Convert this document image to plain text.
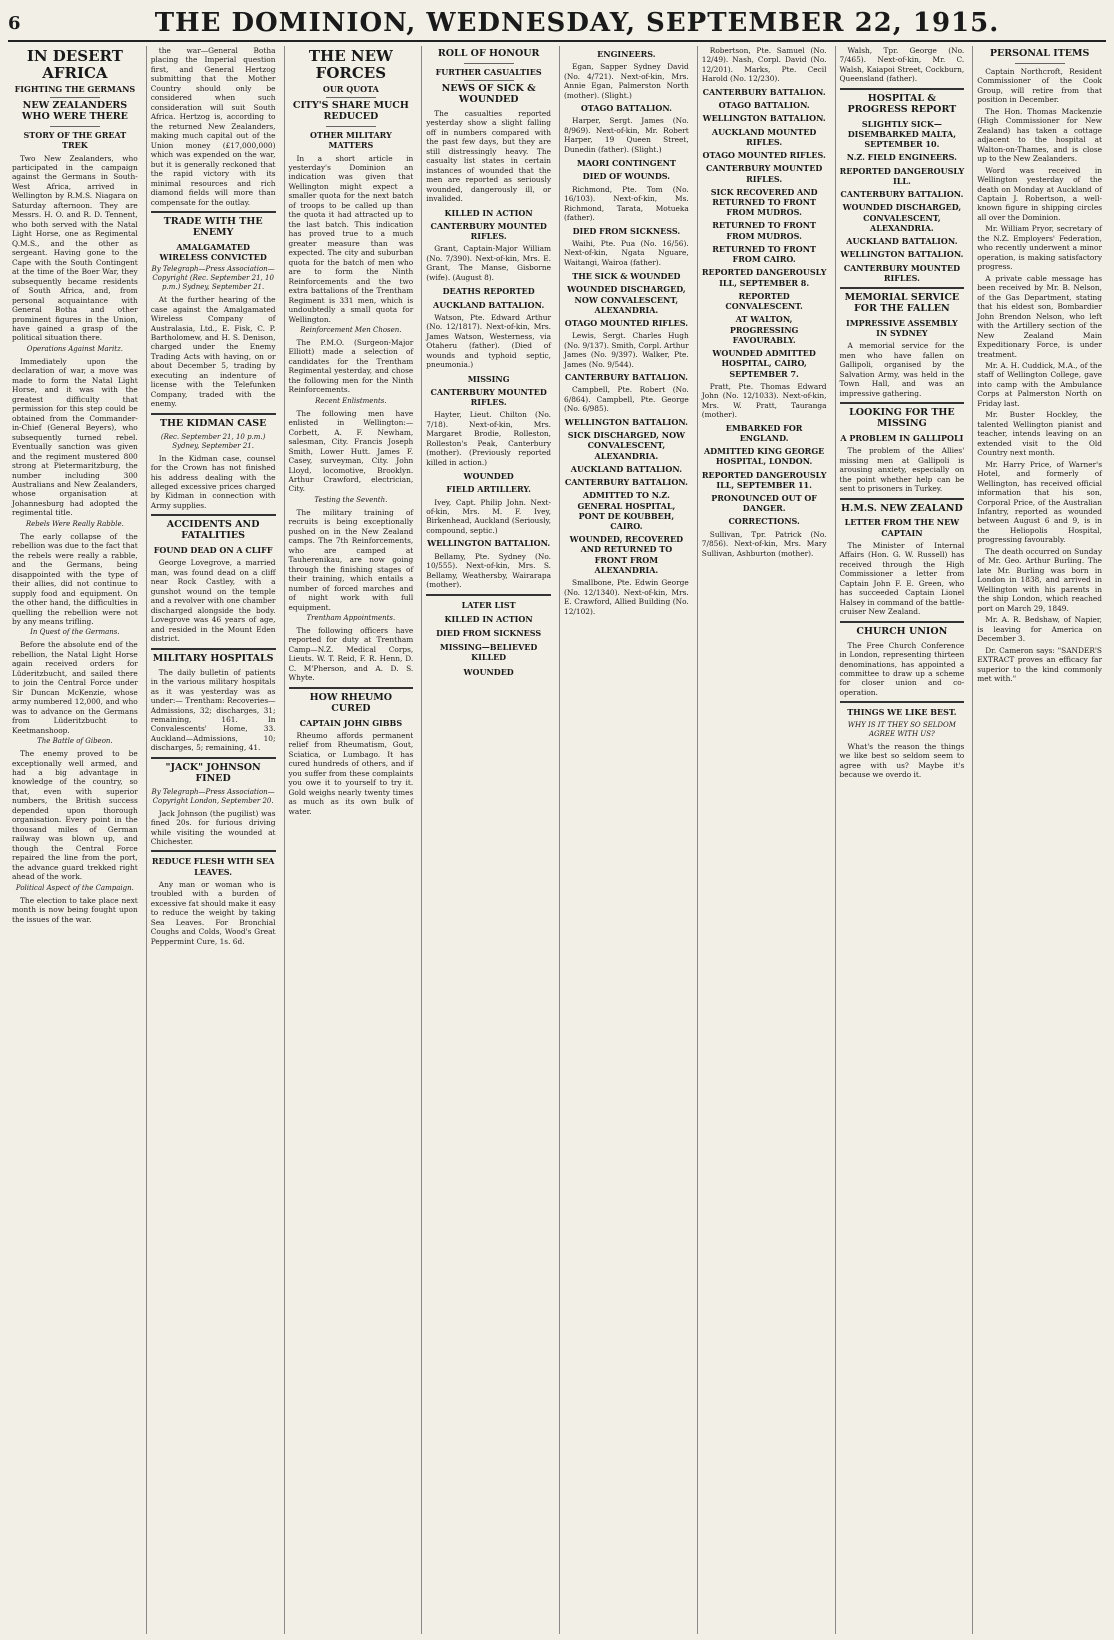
6	THE DOMINION, WEDNESDAY, SEPTEMBER 22, 1915.
IN DESERT AFRICA
FIGHTING THE GERMANS
NEW ZEALANDERS WHO WERE THERE
STORY OF THE GREAT TREK

Two New Zealanders, who participated in the campaign against the Germans in South-West Africa, arrived in Wellington by R.M.S. Niagara on Saturday afternoon. They are Messrs. H. O. and R. D. Tennent, who both served with the Natal Light Horse, one as Regimental Q.M.S., and the other as sergeant. Having gone to the Cape with the South Contingent at the time of the Boer War, they subsequently became residents of South Africa, and, from personal acquaintance with General Botha and other prominent figures in the Union, have gained a grasp of the political situation there.

Operations Against Maritz.

Immediately upon the declaration of war, a move was made to form the Natal Light Horse, and it was with the greatest difficulty that permission for this step could be obtained from the Commander-in-Chief (General Beyers), who subsequently turned rebel. Eventually sanction was given and the regiment mustered 800 strong at Pietermaritzburg, the number including 300 Australians and New Zealanders, whose organisation at Johannesburg had adopted the regimental title.

Rebels Were Really Rabble.

The early collapse of the rebellion was due to the fact that the rebels were really a rabble, and the Germans, being disappointed with the type of their allies, did not continue to supply food and equipment. On the other hand, the difficulties in quelling the rebellion were not by any means trifling.

In Quest of the Germans.

Before the absolute end of the rebellion, the Natal Light Horse again received orders for Lüderitzbucht, and sailed there to join the Central Force under Sir Duncan McKenzie, whose army numbered 12,000, and who was to advance on the Germans from Lüderitzbucht to Keetmanshoop.

The Battle of Gibeon.

The enemy proved to be exceptionally well armed, and had a big advantage in knowledge of the country, so that, even with superior numbers, the British success depended upon thorough organisation. Every point in the thousand miles of German railway was blown up, and though the Central Force repaired the line from the port, the advance guard trekked right ahead of the work.

Political Aspect of the Campaign.

The election to take place next month is now being fought upon the issues of the war.

the war—General Botha placing the Imperial question first, and General Hertzog submitting that the Mother Country should only be considered when such consideration will suit South Africa. Hertzog is, according to the returned New Zealanders, making much capital out of the Union money (£17,000,000) which was expended on the war, but it is generally reckoned that the rapid victory with its minimal resources and rich diamond fields will more than compensate for the outlay.

TRADE WITH THE ENEMY
AMALGAMATED WIRELESS CONVICTED
By Telegraph—Press Association—Copyright (Rec. September 21, 10 p.m.) Sydney, September 21.

At the further hearing of the case against the Amalgamated Wireless Company of Australasia, Ltd., E. Fisk, C. P. Bartholomew, and H. S. Denison, charged under the Enemy Trading Acts with having, on or about December 5, trading by executing an indenture of license with the Telefunken Company, traded with the enemy.

THE KIDMAN CASE
(Rec. September 21, 10 p.m.) Sydney, September 21.

In the Kidman case, counsel for the Crown has not finished his address dealing with the alleged excessive prices charged by Kidman in connection with Army supplies.

ACCIDENTS AND FATALITIES
FOUND DEAD ON A CLIFF

George Lovegrove, a married man, was found dead on a cliff near Rock Castley, with a gunshot wound on the temple and a revolver with one chamber discharged alongside the body. Lovegrove was 46 years of age, and resided in the Mount Eden district.

MILITARY HOSPITALS

The daily bulletin of patients in the various military hospitals as it was yesterday was as under:— Trentham: Recoveries—Admissions, 32; discharges, 31; remaining, 161. In Convalescents' Home, 33. Auckland—Admissions, 10; discharges, 5; remaining, 41.

"JACK" JOHNSON FINED
By Telegraph—Press Association—Copyright London, September 20.

Jack Johnson (the pugilist) was fined 20s. for furious driving while visiting the wounded at Chichester.

REDUCE FLESH WITH SEA LEAVES.

Any man or woman who is troubled with a burden of excessive fat should make it easy to reduce the weight by taking Sea Leaves. For Bronchial Coughs and Colds, Wood's Great Peppermint Cure, 1s. 6d.

THE NEW FORCES
OUR QUOTA
CITY'S SHARE MUCH REDUCED
OTHER MILITARY MATTERS

In a short article in yesterday's Dominion an indication was given that Wellington might expect a smaller quota for the next batch of troops to be called up than the quota it had attracted up to the last batch. This indication has proved true to a much greater measure than was expected. The city and suburban quota for the batch of men who are to form the Ninth Reinforcements and the two extra battalions of the Trentham Regiment is 331 men, which is undoubtedly a small quota for Wellington.

Reinforcement Men Chosen.

The P.M.O. (Surgeon-Major Elliott) made a selection of candidates for the Trentham Regimental yesterday, and chose the following men for the Ninth Reinforcements.

Recent Enlistments.

The following men have enlisted in Wellington:— Corbett, A. F. Newham, salesman, City. Francis Joseph Smith, Lower Hutt. James F. Casey, surveyman, City. John Lloyd, locomotive, Brooklyn. Arthur Crawford, electrician, City.

Testing the Seventh.

The military training of recruits is being exceptionally pushed on in the New Zealand camps. The 7th Reinforcements, who are camped at Tauherenikau, are now going through the finishing stages of their training, which entails a number of forced marches and of night work with full equipment.

Trentham Appointments.

The following officers have reported for duty at Trentham Camp—N.Z. Medical Corps, Lieuts. W. T. Reid, F. R. Henn, D. C. M'Pherson, and A. D. S. Whyte.

HOW RHEUMO CURED
CAPTAIN JOHN GIBBS

Rheumo affords permanent relief from Rheumatism, Gout, Sciatica, or Lumbago. It has cured hundreds of others, and if you suffer from these complaints you owe it to yourself to try it. Gold weighs nearly twenty times as much as its own bulk of water.

ROLL OF HONOUR
FURTHER CASUALTIES
NEWS OF SICK & WOUNDED

The casualties reported yesterday show a slight falling off in numbers compared with the past few days, but they are still distressingly heavy. The casualty list states in certain instances of wounded that the men are reported as seriously wounded, dangerously ill, or invalided.

KILLED IN ACTION
CANTERBURY MOUNTED RIFLES.

Grant, Captain-Major William (No. 7/390). Next-of-kin, Mrs. E. Grant, The Manse, Gisborne (wife). (August 8).

DEATHS REPORTED
AUCKLAND BATTALION.

Watson, Pte. Edward Arthur (No. 12/1817). Next-of-kin, Mrs. James Watson, Westerness, via Otaheru (father). (Died of wounds and typhoid septic, pneumonia.)

MISSING
CANTERBURY MOUNTED RIFLES.

Hayter, Lieut. Chilton (No. 7/18). Next-of-kin, Mrs. Margaret Brodie, Rolleston, Rolleston's Peak, Canterbury (mother). (Previously reported killed in action.)

WOUNDED
FIELD ARTILLERY.

Ivey, Capt. Philip John. Next-of-kin, Mrs. M. F. Ivey, Birkenhead, Auckland (Seriously, compound, septic.)

WELLINGTON BATTALION.

Bellamy, Pte. Sydney (No. 10/555). Next-of-kin, Mrs. S. Bellamy, Weathersby, Wairarapa (mother).

LATER LIST
KILLED IN ACTION
DIED FROM SICKNESS
MISSING—BELIEVED KILLED
WOUNDED
ENGINEERS.

Egan, Sapper Sydney David (No. 4/721). Next-of-kin, Mrs. Annie Egan, Palmerston North (mother). (Slight.)

OTAGO BATTALION.

Harper, Sergt. James (No. 8/969). Next-of-kin, Mr. Robert Harper, 19 Queen Street, Dunedin (father). (Slight.)

MAORI CONTINGENT
DIED OF WOUNDS.

Richmond, Pte. Tom (No. 16/103). Next-of-kin, Ms. Richmond, Tarata, Motueka (father).

DIED FROM SICKNESS.

Waihi, Pte. Pua (No. 16/56). Next-of-kin, Ngata Nguare, Waitangi, Wairoa (father).

THE SICK & WOUNDED
WOUNDED DISCHARGED, NOW CONVALESCENT, ALEXANDRIA.
OTAGO MOUNTED RIFLES.

Lewis, Sergt. Charles Hugh (No. 9/137). Smith, Corpl. Arthur James (No. 9/397). Walker, Pte. James (No. 9/544).

CANTERBURY BATTALION.

Campbell, Pte. Robert (No. 6/864). Campbell, Pte. George (No. 6/985).

WELLINGTON BATTALION.
SICK DISCHARGED, NOW CONVALESCENT, ALEXANDRIA.
AUCKLAND BATTALION.
CANTERBURY BATTALION.
ADMITTED TO N.Z. GENERAL HOSPITAL, PONT DE KOUBBEH, CAIRO.
WOUNDED, RECOVERED AND RETURNED TO FRONT FROM ALEXANDRIA.

Smallbone, Pte. Edwin George (No. 12/1340). Next-of-kin, Mrs. E. Crawford, Allied Building (No. 12/102).

Robertson, Pte. Samuel (No. 12/49). Nash, Corpl. David (No. 12/201). Marks, Pte. Cecil Harold (No. 12/230).

CANTERBURY BATTALION.
OTAGO BATTALION.
WELLINGTON BATTALION.
AUCKLAND MOUNTED RIFLES.
OTAGO MOUNTED RIFLES.
CANTERBURY MOUNTED RIFLES.
SICK RECOVERED AND RETURNED TO FRONT FROM MUDROS.
RETURNED TO FRONT FROM MUDROS.
RETURNED TO FRONT FROM CAIRO.
REPORTED DANGEROUSLY ILL, SEPTEMBER 8.
REPORTED CONVALESCENT.
AT WALTON, PROGRESSING FAVOURABLY.
WOUNDED ADMITTED HOSPITAL, CAIRO, SEPTEMBER 7.

Pratt, Pte. Thomas Edward John (No. 12/1033). Next-of-kin, Mrs. W. Pratt, Tauranga (mother).

EMBARKED FOR ENGLAND.
ADMITTED KING GEORGE HOSPITAL, LONDON.
REPORTED DANGEROUSLY ILL, SEPTEMBER 11.
PRONOUNCED OUT OF DANGER.
CORRECTIONS.

Sullivan, Tpr. Patrick (No. 7/856). Next-of-kin, Mrs. Mary Sullivan, Ashburton (mother).

Walsh, Tpr. George (No. 7/465). Next-of-kin, Mr. C. Walsh, Kaiapoi Street, Cockburn, Queensland (father).

HOSPITAL & PROGRESS REPORT
SLIGHTLY SICK—DISEMBARKED MALTA, SEPTEMBER 10.
N.Z. FIELD ENGINEERS.
REPORTED DANGEROUSLY ILL.
CANTERBURY BATTALION.
WOUNDED DISCHARGED, CONVALESCENT, ALEXANDRIA.
AUCKLAND BATTALION.
WELLINGTON BATTALION.
CANTERBURY MOUNTED RIFLES.
MEMORIAL SERVICE FOR THE FALLEN
IMPRESSIVE ASSEMBLY IN SYDNEY

A memorial service for the men who have fallen on Gallipoli, organised by the Salvation Army, was held in the Town Hall, and was an impressive gathering.

LOOKING FOR THE MISSING
A PROBLEM IN GALLIPOLI

The problem of the Allies' missing men at Gallipoli is arousing anxiety, especially on the point whether help can be sent to prisoners in Turkey.

H.M.S. NEW ZEALAND
LETTER FROM THE NEW CAPTAIN

The Minister of Internal Affairs (Hon. G. W. Russell) has received through the High Commissioner a letter from Captain John F. E. Green, who has succeeded Captain Lionel Halsey in command of the battle-cruiser New Zealand.

CHURCH UNION

The Free Church Conference in London, representing thirteen denominations, has appointed a committee to draw up a scheme for closer union and co-operation.

THINGS WE LIKE BEST.
WHY IS IT THEY SO SELDOM AGREE WITH US?

What's the reason the things we like best so seldom seem to agree with us? Maybe it's because we overdo it.

PERSONAL ITEMS

Captain Northcroft, Resident Commissioner of the Cook Group, will retire from that position in December.

The Hon. Thomas Mackenzie (High Commissioner for New Zealand) has taken a cottage adjacent to the hospital at Walton-on-Thames, and is close up to the New Zealanders.

Word was received in Wellington yesterday of the death on Monday at Auckland of Captain J. Robertson, a well-known figure in shipping circles all over the Dominion.

Mr. William Pryor, secretary of the N.Z. Employers' Federation, who recently underwent a minor operation, is making satisfactory progress.

A private cable message has been received by Mr. B. Nelson, of the Gas Department, stating that his eldest son, Bombardier John Brendon Nelson, who left with the Artillery section of the New Zealand Main Expeditionary Force, is under treatment.

Mr. A. H. Cuddick, M.A., of the staff of Wellington College, gave into camp with the Ambulance Corps at Palmerston North on Friday last.

Mr. Buster Hockley, the talented Wellington pianist and teacher, intends leaving on an extended visit to the Old Country next month.

Mr. Harry Price, of Warner's Hotel, and formerly of Wellington, has received official information that his son, Corporal Price, of the Australian Infantry, reported as wounded between August 6 and 9, is in the Heliopolis Hospital, progressing favourably.

The death occurred on Sunday of Mr. Geo. Arthur Burling. The late Mr. Burling was born in London in 1838, and arrived in Wellington with his parents in the ship London, which reached port on March 29, 1849.

Mr. A. R. Bedshaw, of Napier, is leaving for America on December 3.

Dr. Cameron says: "SANDER'S EXTRACT proves an efficacy far superior to the kind commonly met with."
